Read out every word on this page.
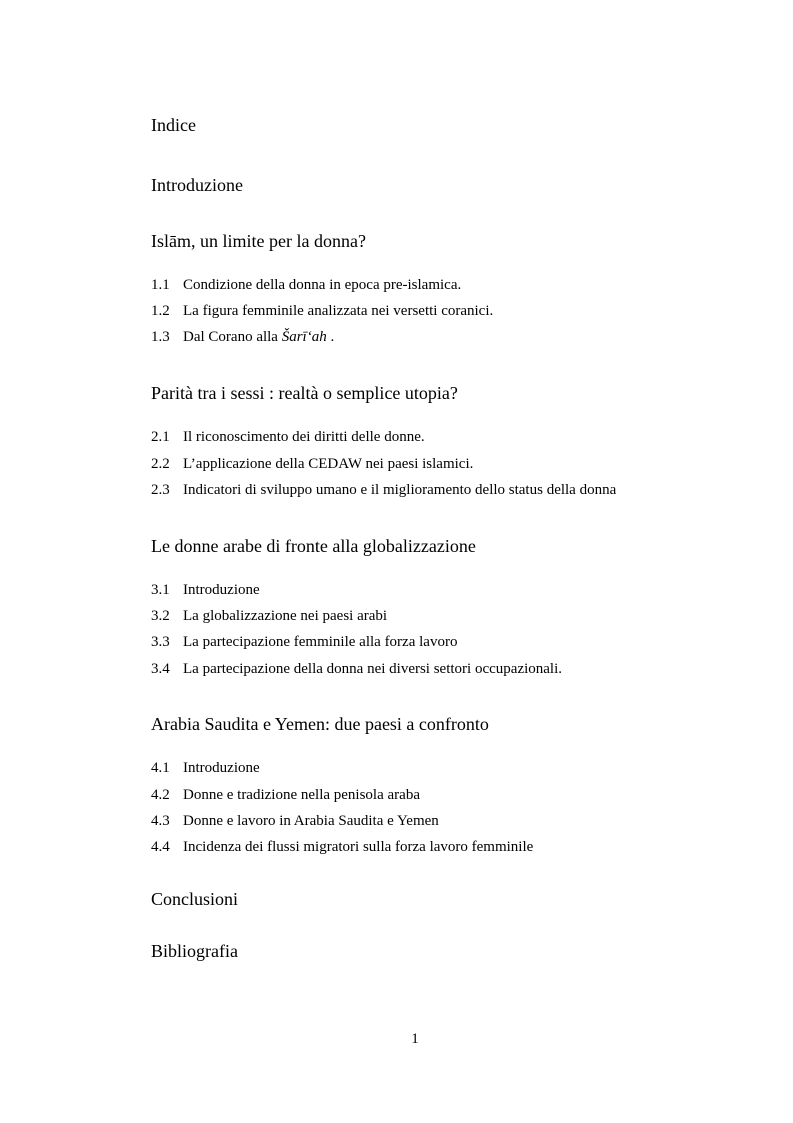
Indice
Introduzione
Islām, un limite per la donna?
1.1 Condizione della donna in epoca pre-islamica.
1.2 La figura femminile analizzata nei versetti coranici.
1.3 Dal Corano alla Šarī‘ah .
Parità tra i sessi : realtà o semplice utopia?
2.1 Il riconoscimento dei diritti delle donne.
2.2 L’applicazione della CEDAW nei paesi islamici.
2.3 Indicatori di sviluppo umano e il miglioramento dello status della donna
Le donne arabe di fronte alla globalizzazione
3.1 Introduzione
3.2 La globalizzazione nei paesi arabi
3.3 La partecipazione femminile alla forza lavoro
3.4 La partecipazione della donna nei diversi settori occupazionali.
Arabia Saudita e Yemen: due paesi a confronto
4.1 Introduzione
4.2 Donne e tradizione nella penisola araba
4.3 Donne e lavoro in Arabia Saudita e Yemen
4.4 Incidenza dei flussi migratori sulla forza lavoro femminile
Conclusioni
Bibliografia
1
